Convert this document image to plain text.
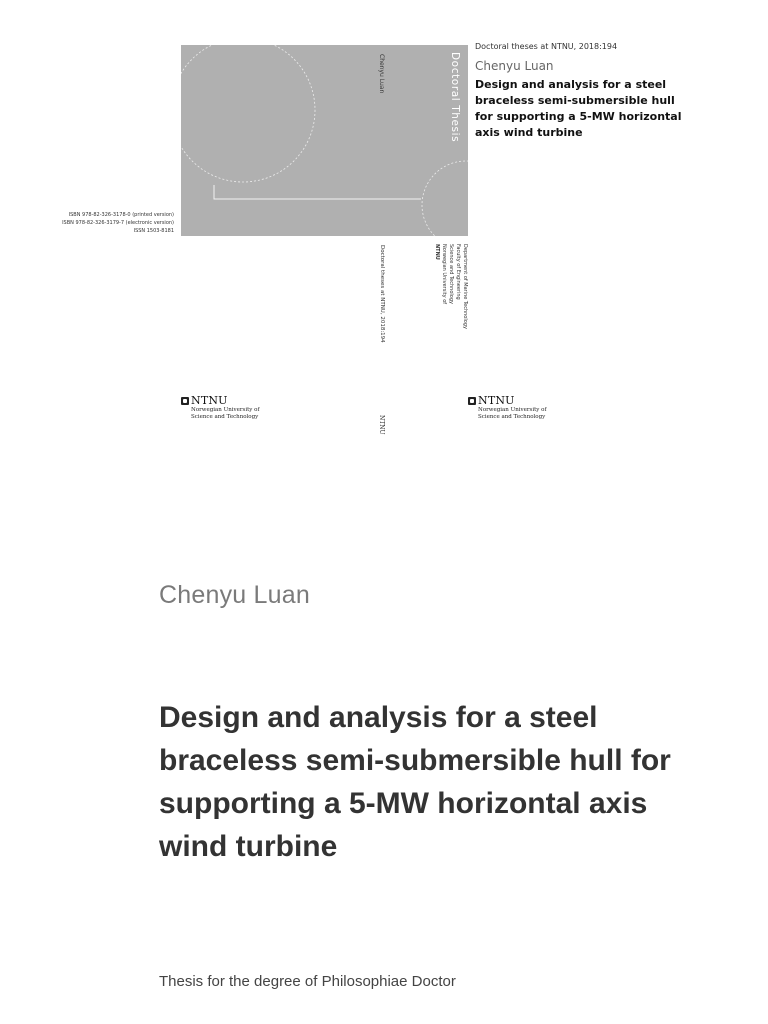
Chenyu Luan	Doctoral Thesis
Doctoral theses at NTNU, 2018:194
NTNU
NTNU Norwegian University of Science and Technology Faculty of Engineering Department of Marine Technology
ISBN 978-82-326-3178-0 (printed version)
ISBN 978-82-326-3179-7 (electronic version)
ISSN 1503-8181
Doctoral theses at NTNU, 2018:194
Chenyu Luan
Design and analysis for a steel braceless semi-submersible hull for supporting a 5-MW horizontal axis wind turbine
NTNU
Norwegian University of
Science and Technology
NTNU
Norwegian University of
Science and Technology
Chenyu Luan
Design and analysis for a steel braceless semi-submersible hull for supporting a 5-MW horizontal axis wind turbine
Thesis for the degree of Philosophiae Doctor
